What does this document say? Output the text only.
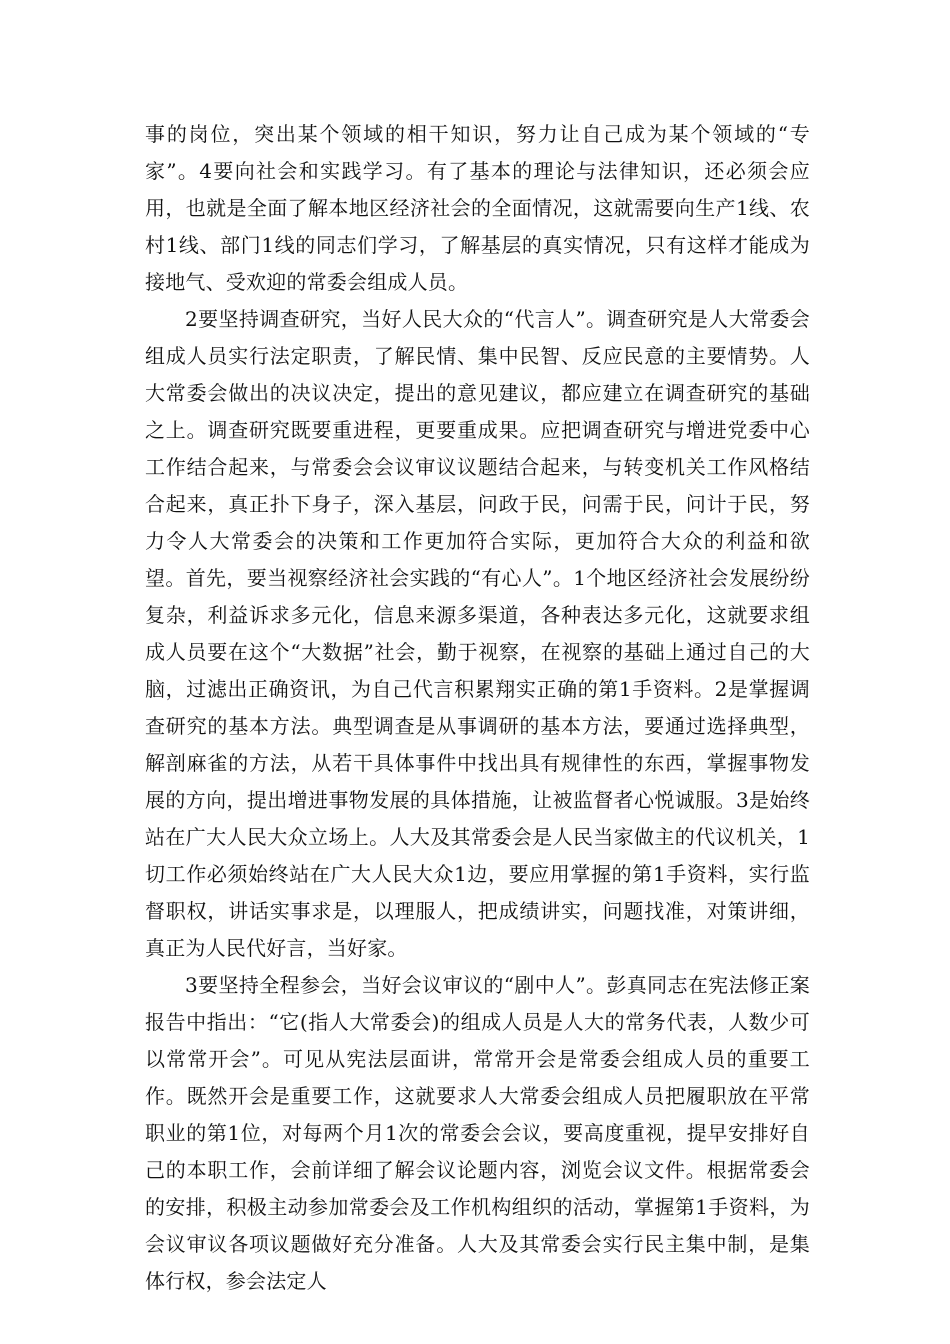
事的岗位，突出某个领域的相干知识，努力让自己成为某个领域的“专家”。4要向社会和实践学习。有了基本的理论与法律知识，还必须会应用，也就是全面了解本地区经济社会的全面情况，这就需要向生产1线、农村1线、部门1线的同志们学习，了解基层的真实情况，只有这样才能成为接地气、受欢迎的常委会组成人员。

2要坚持调查研究，当好人民大众的“代言人”。调查研究是人大常委会组成人员实行法定职责，了解民情、集中民智、反应民意的主要情势。人大常委会做出的决议决定，提出的意见建议，都应建立在调查研究的基础之上。调查研究既要重进程，更要重成果。应把调查研究与增进党委中心工作结合起来，与常委会会议审议议题结合起来，与转变机关工作风格结合起来，真正扑下身子，深入基层，问政于民，问需于民，问计于民，努力令人大常委会的决策和工作更加符合实际，更加符合大众的利益和欲望。首先，要当视察经济社会实践的“有心人”。1个地区经济社会发展纷纷复杂，利益诉求多元化，信息来源多渠道，各种表达多元化，这就要求组成人员要在这个“大数据”社会，勤于视察，在视察的基础上通过自己的大脑，过滤出正确资讯，为自己代言积累翔实正确的第1手资料。2是掌握调查研究的基本方法。典型调查是从事调研的基本方法，要通过选择典型，解剖麻雀的方法，从若干具体事件中找出具有规律性的东西，掌握事物发展的方向，提出增进事物发展的具体措施，让被监督者心悦诚服。3是始终站在广大人民大众立场上。人大及其常委会是人民当家做主的代议机关，1切工作必须始终站在广大人民大众1边，要应用掌握的第1手资料，实行监督职权，讲话实事求是，以理服人，把成绩讲实，问题找准，对策讲细，真正为人民代好言，当好家。

3要坚持全程参会，当好会议审议的“剧中人”。彭真同志在宪法修正案报告中指出：“它(指人大常委会)的组成人员是人大的常务代表，人数少可以常常开会”。可见从宪法层面讲，常常开会是常委会组成人员的重要工作。既然开会是重要工作，这就要求人大常委会组成人员把履职放在平常职业的第1位，对每两个月1次的常委会会议，要高度重视，提早安排好自己的本职工作，会前详细了解会议论题内容，浏览会议文件。根据常委会的安排，积极主动参加常委会及工作机构组织的活动，掌握第1手资料，为会议审议各项议题做好充分准备。人大及其常委会实行民主集中制，是集体行权，参会法定人
